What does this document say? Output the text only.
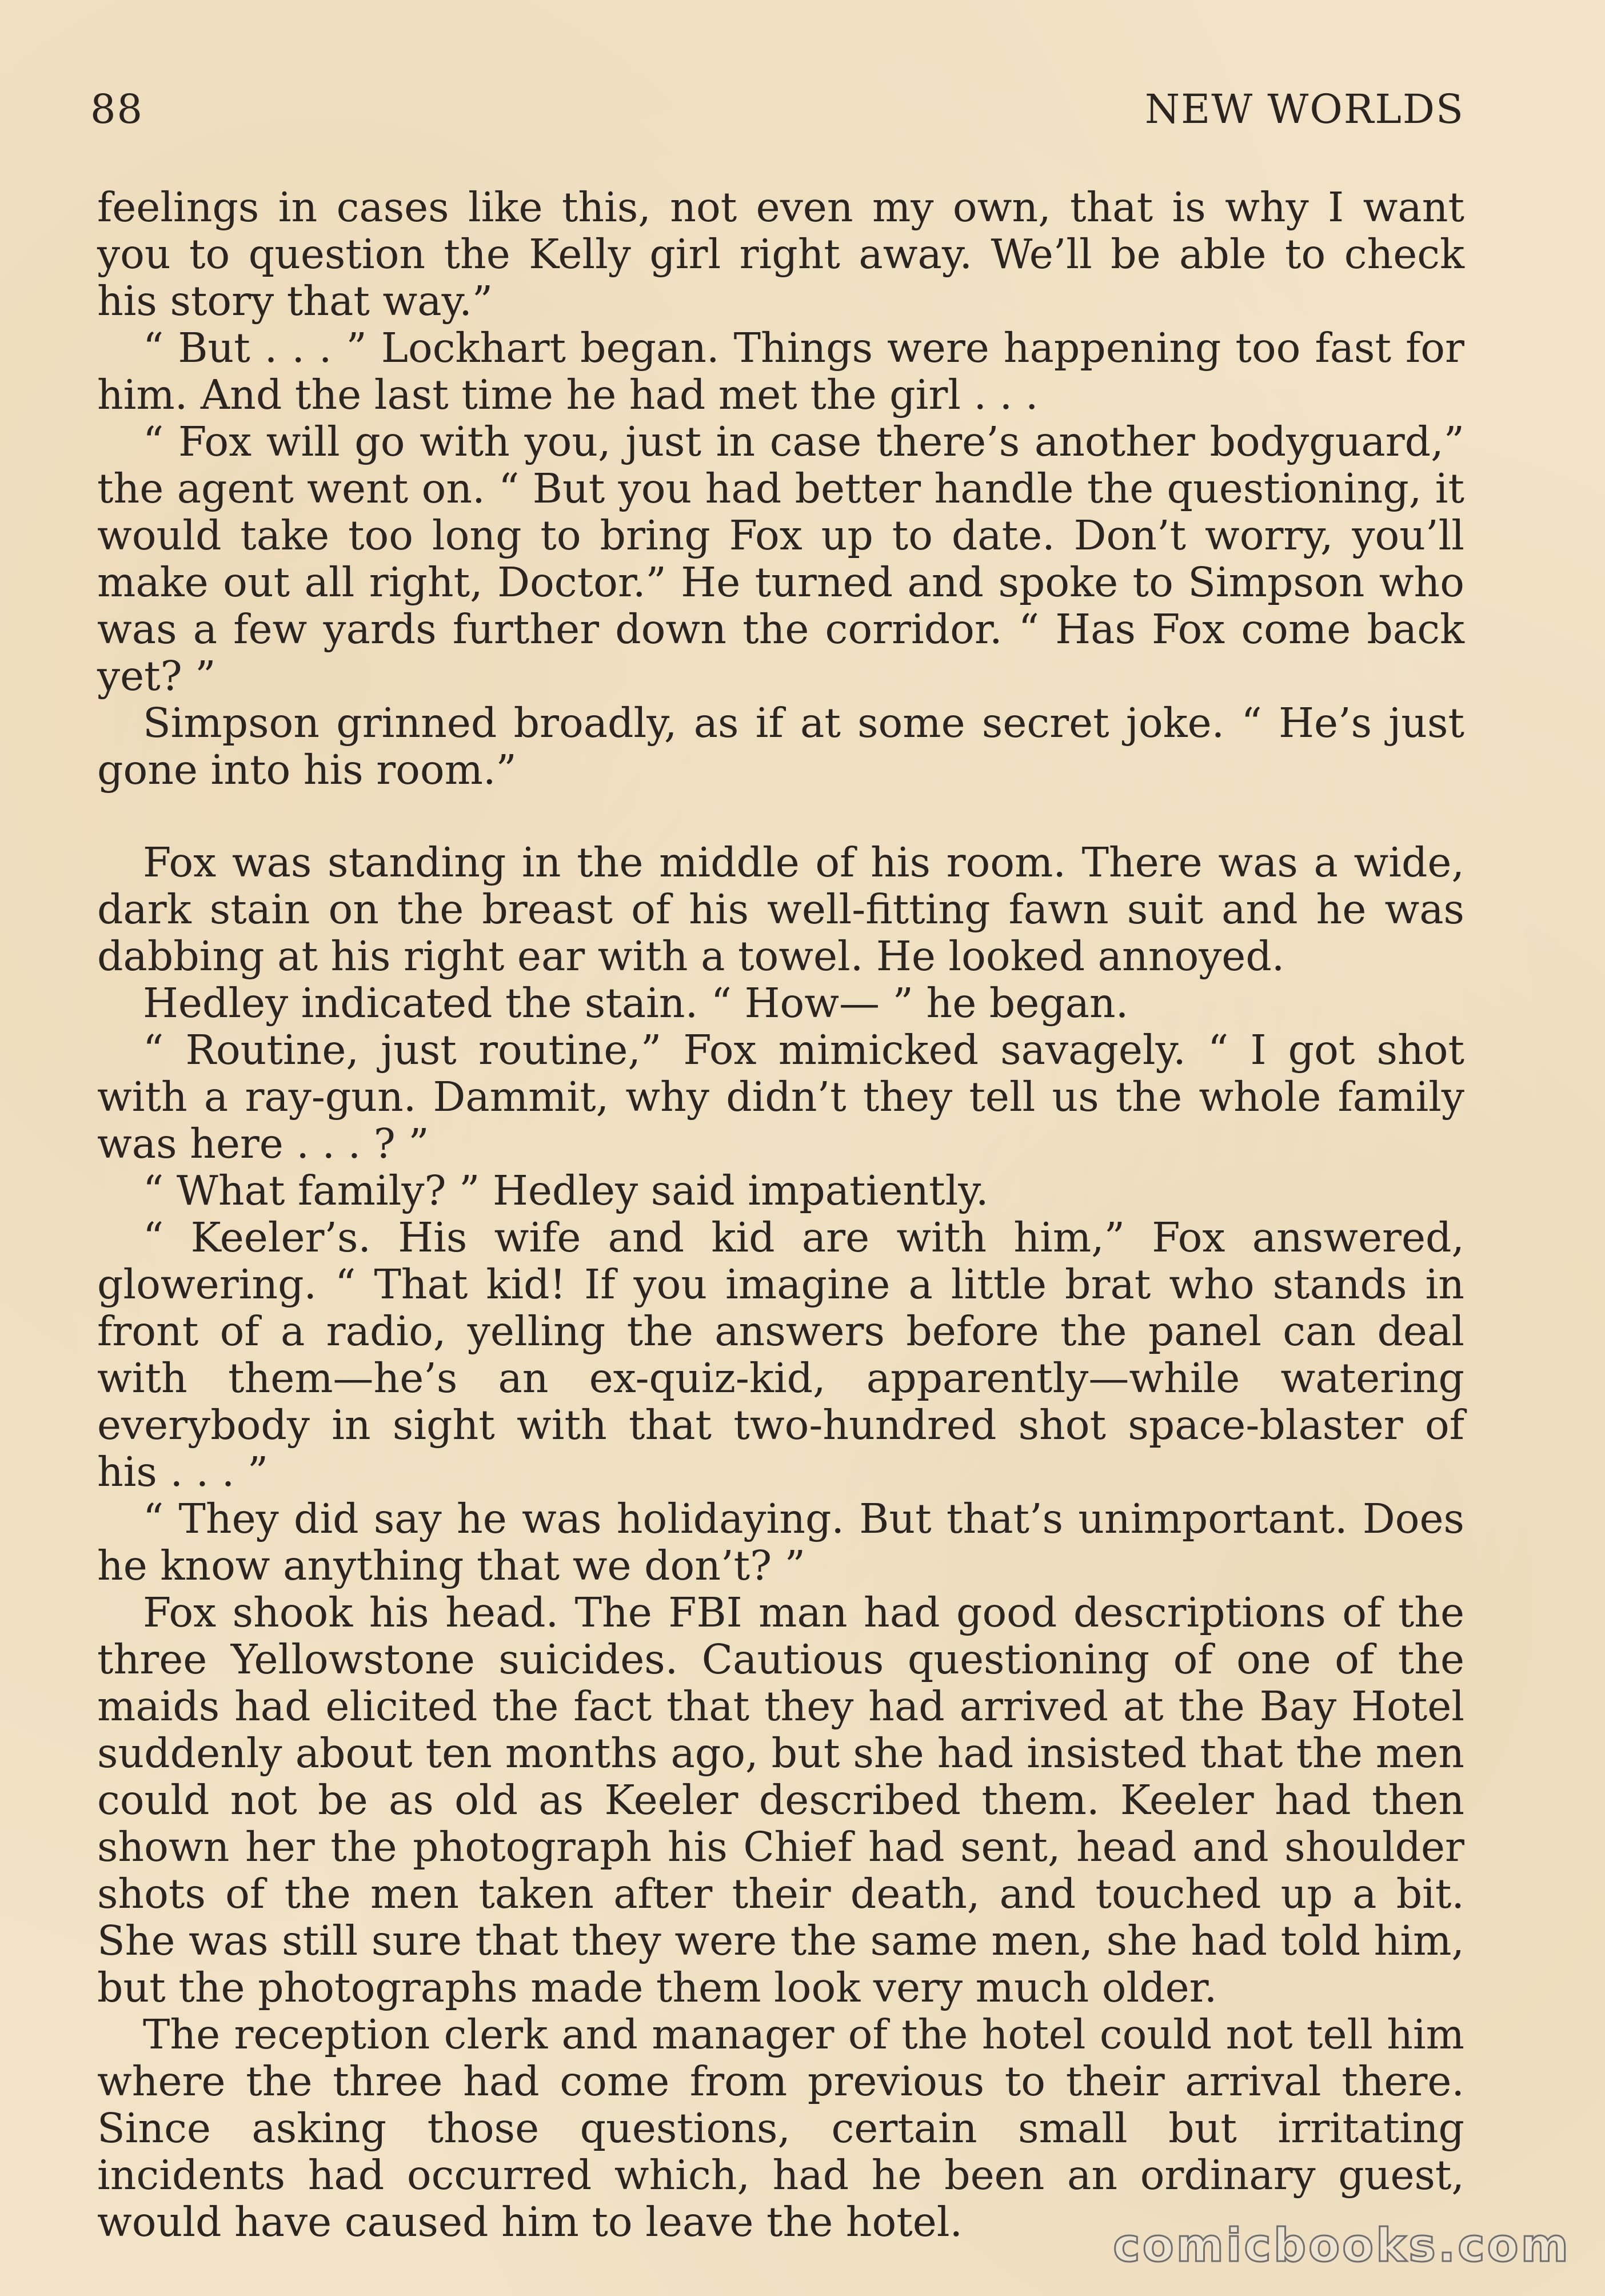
88	NEW WORLDS

feelings in cases like this, not even my own, that is why I want you to question the Kelly girl right away. We’ll be able to check his story that way.”

“ But . . . ” Lockhart began. Things were happening too fast for him. And the last time he had met the girl . . .

“ Fox will go with you, just in case there’s another bodyguard,” the agent went on. “ But you had better handle the questioning, it would take too long to bring Fox up to date. Don’t worry, you’ll make out all right, Doctor.” He turned and spoke to Simpson who was a few yards further down the corridor. “ Has Fox come back yet? ”

Simpson grinned broadly, as if at some secret joke. “ He’s just gone into his room.”

Fox was standing in the middle of his room. There was a wide, dark stain on the breast of his well-fitting fawn suit and he was dabbing at his right ear with a towel. He looked annoyed.

Hedley indicated the stain. “ How— ” he began.

“ Routine, just routine,” Fox mimicked savagely. “ I got shot with a ray-gun. Dammit, why didn’t they tell us the whole family was here . . . ? ”

“ What family? ” Hedley said impatiently.

“ Keeler’s. His wife and kid are with him,” Fox answered, glowering. “ That kid! If you imagine a little brat who stands in front of a radio, yelling the answers before the panel can deal with them—he’s an ex-quiz-kid, apparently—while watering everybody in sight with that two-hundred shot space-blaster of his . . . ”

“ They did say he was holidaying. But that’s unimportant. Does he know anything that we don’t? ”

Fox shook his head. The FBI man had good descriptions of the three Yellowstone suicides. Cautious questioning of one of the maids had elicited the fact that they had arrived at the Bay Hotel suddenly about ten months ago, but she had insisted that the men could not be as old as Keeler described them. Keeler had then shown her the photograph his Chief had sent, head and shoulder shots of the men taken after their death, and touched up a bit. She was still sure that they were the same men, she had told him, but the photographs made them look very much older.

The reception clerk and manager of the hotel could not tell him where the three had come from previous to their arrival there. Since asking those questions, certain small but irritating incidents had occurred which, had he been an ordinary guest, would have caused him to leave the hotel.	comicbooks.com
